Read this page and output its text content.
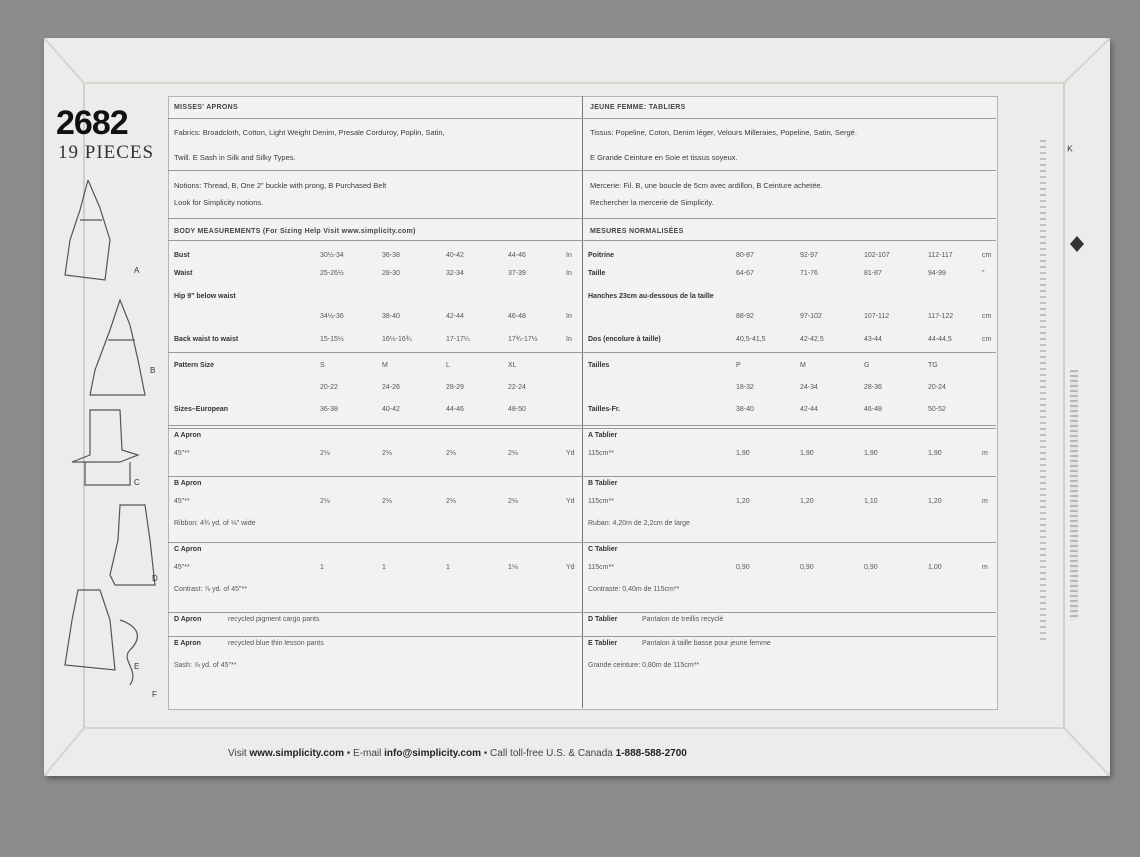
2682
19 PIECES
A
B
C
D
E
F
MISSES' APRONS
Fabrics: Broadcloth, Cotton, Light Weight Denim, Presale Corduroy, Poplin, Satin,
Twill. E Sash in Silk and Silky Types.
Notions: Thread, B, One 2" buckle with prong, B Purchased Belt
Look for Simplicity notions.
BODY MEASUREMENTS (For Sizing Help Visit www.simplicity.com)
Bust	30½-34	36-38	40-42	44-46	In
Waist	25-26½	28-30	32-34	37-39	In
Hip 9" below waist
34½-36	38-40	42-44	46-48	In
Back waist to waist	15-15½	16½-16¾	17-17¼	17¾-17½	In
Pattern Size	S	M	L	XL
20-22	24-26	28-29	22-24
Sizes–European	36-38	40-42	44-46	48-50
A Apron
45"**	2⅛	2⅛	2⅛	2⅛	Yd
B Apron
45"**	2⅛	2⅛	2⅛	2⅛	Yd
Ribbon: 4¾ yd. of ⅛" wide
C Apron
45"**	1	1	1	1⅛	Yd
Contrast: ⅞ yd. of 45"**
D Apron	recycled pigment cargo pants
E Apron	recycled blue thin lesson pants
Sash: ⅞ yd. of 45"**
Poitrine	80-87	92-97	102-107	112-117	cm
Taille	64-67	71-76	81-87	94-99	"
Hanches 23cm au-dessous de la taille
88-92	97-102	107-112	117-122	cm
Dos (encolure à taille)	40,5-41,5	42-42,5	43-44	44-44,5	cm
Tailles	P	M	G	TG
18-32	24-34	28-36	20-24
Tailles-Fr.	38-40	42-44	46-48	50-52
A Tablier
115cm**	1,90	1,90	1,90	1,90	m
B Tablier
115cm**	1,20	1,20	1,10	1,20	m
Ruban: 4,20m de 2,2cm de large
C Tablier
115cm**	0,90	0,90	0,90	1,00	m
Contraste: 0,40m de 115cm**
D Tablier	Pantalon de treillis recyclé
E Tablier	Pantalon à taille basse pour jeune femme
Grande ceinture: 0,80m de 115cm**
JEUNE FEMME: TABLIERS
Tissus: Popeline, Coton, Denim léger, Velours Milleraies, Popeline, Satin, Sergé.
E Grande Ceinture en Soie et tissus soyeux.
Mercerie: Fil. B, une boucle de 5cm avec ardillon, B Ceinture achetée.
Rechercher la mercerie de Simplicity.
MESURES NORMALISÉES
K
Visit www.simplicity.com • E-mail info@simplicity.com • Call toll-free U.S. & Canada 1-888-588-2700
